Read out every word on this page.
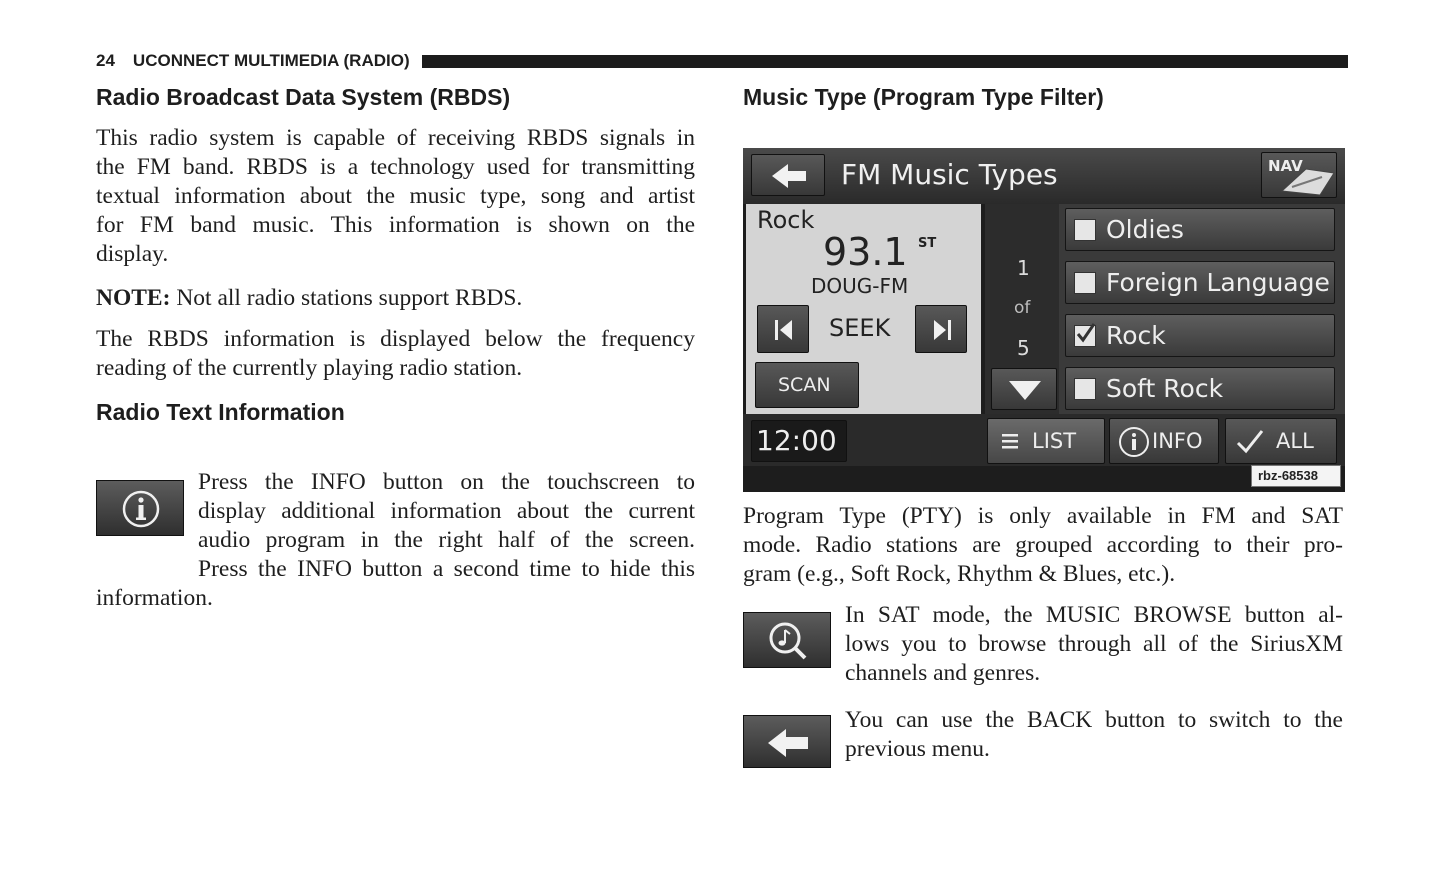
24 UCONNECT MULTIMEDIA (RADIO)
Radio Broadcast Data System (RBDS)

This radio system is capable of receiving RBDS signals in

the FM band. RBDS is a technology used for transmitting

textual information about the music type, song and artist

for FM band music. This information is shown on the

display.

NOTE: Not all radio stations support RBDS.

The RBDS information is displayed below the frequency

reading of the currently playing radio station.

Radio Text Information

Press the INFO button on the touchscreen to

display additional information about the current

audio program in the right half of the screen.

Press the INFO button a second time to hide this

information.

Music Type (Program Type Filter)
FM Music Types	NAV
Rock
93.1 ST
DOUG-FM
SEEK
SCAN
1
of
5
Oldies
Foreign Language
Rock
Soft Rock
12:00	LIST	INFO	ALL
rbz-68538

Program Type (PTY) is only available in FM and SAT

mode. Radio stations are grouped according to their pro-

gram (e.g., Soft Rock, Rhythm & Blues, etc.).

In SAT mode, the MUSIC BROWSE button al-

lows you to browse through all of the SiriusXM

channels and genres.

You can use the BACK button to switch to the

previous menu.
